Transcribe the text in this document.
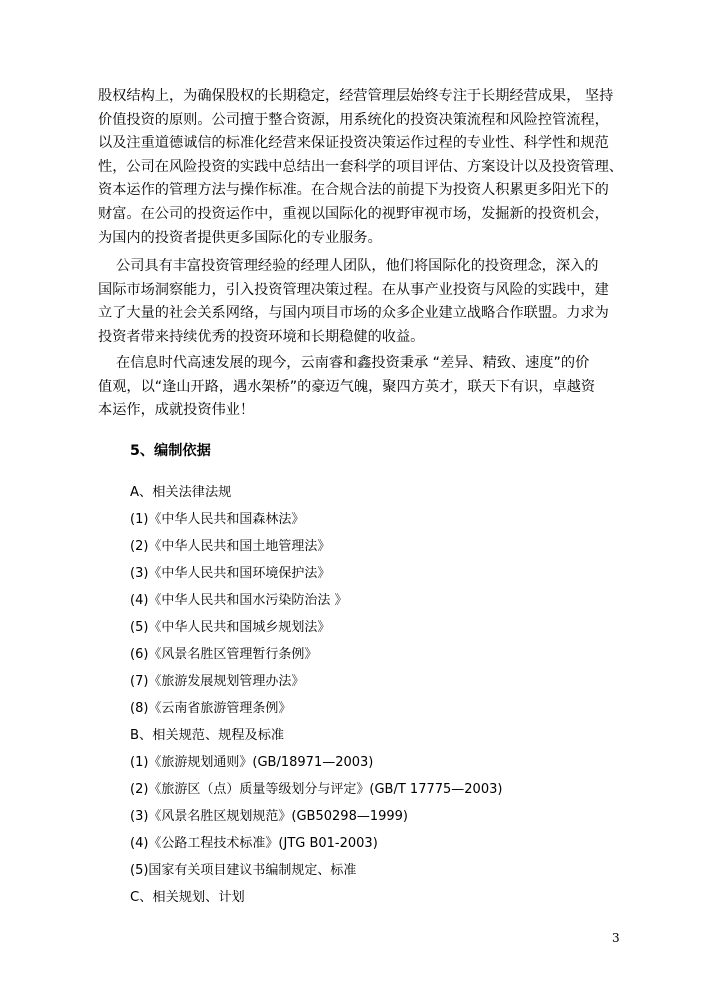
股权结构上，为确保股权的长期稳定，经营管理层始终专注于长期经营成果， 坚持
价值投资的原则。公司擅于整合资源，用系统化的投资决策流程和风险控管流程，
以及注重道德诚信的标准化经营来保证投资决策运作过程的专业性、科学性和规范
性，公司在风险投资的实践中总结出一套科学的项目评估、方案设计以及投资管理、
资本运作的管理方法与操作标准。在合规合法的前提下为投资人积累更多阳光下的
财富。在公司的投资运作中，重视以国际化的视野审视市场，发掘新的投资机会，
为国内的投资者提供更多国际化的专业服务。

公司具有丰富投资管理经验的经理人团队，他们将国际化的投资理念，深入的
国际市场洞察能力，引入投资管理决策过程。在从事产业投资与风险的实践中，建
立了大量的社会关系网络，与国内项目市场的众多企业建立战略合作联盟。力求为
投资者带来持续优秀的投资环境和长期稳健的收益。

在信息时代高速发展的现今，云南睿和鑫投资秉承 “差异、精致、速度”的价
值观，以“逢山开路，遇水架桥”的豪迈气魄，聚四方英才，联天下有识，卓越资
本运作，成就投资伟业！

5、编制依据
A、相关法律法规
(1)《中华人民共和国森林法》
(2)《中华人民共和国土地管理法》
(3)《中华人民共和国环境保护法》
(4)《中华人民共和国水污染防治法 》
(5)《中华人民共和国城乡规划法》
(6)《风景名胜区管理暂行条例》
(7)《旅游发展规划管理办法》
(8)《云南省旅游管理条例》
B、相关规范、规程及标准
(1)《旅游规划通则》(GB/18971—2003)
(2)《旅游区（点）质量等级划分与评定》(GB/T 17775—2003)
(3)《风景名胜区规划规范》(GB50298—1999)
(4)《公路工程技术标准》(JTG B01-2003)
(5)国家有关项目建议书编制规定、标准
C、相关规划、计划
3
